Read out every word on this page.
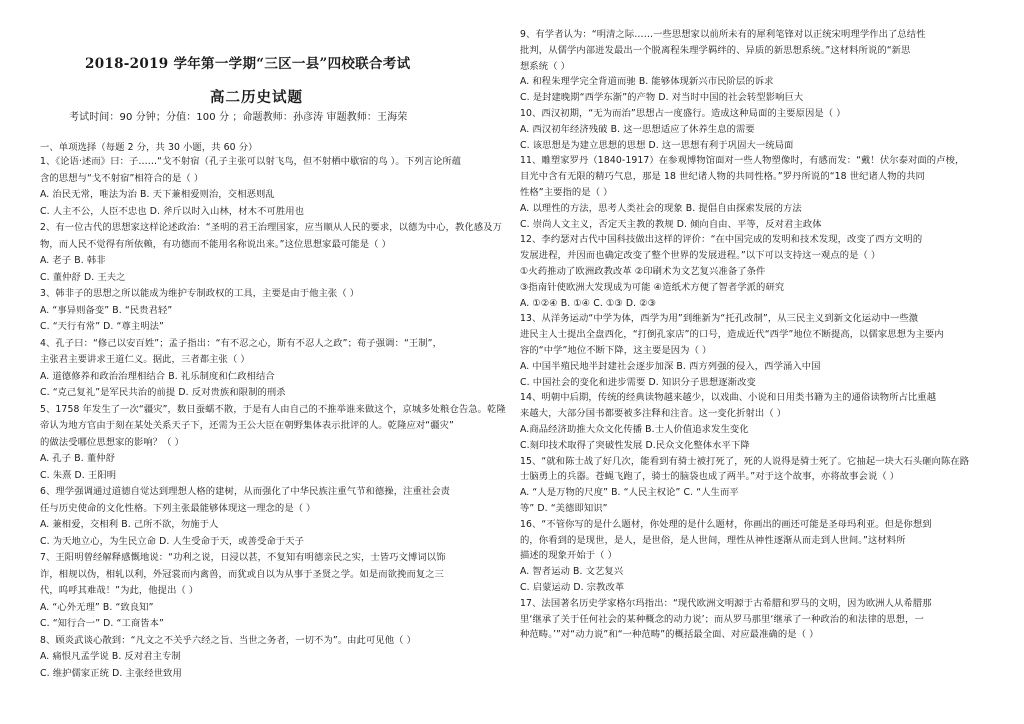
2018-2019 学年第一学期“三区一县”四校联合考试
高二历史试题
考试时间：90 分钟；分值：100 分 ；命题教师：孙彦涛 审题教师：王海荣
一、单项选择（每题 2 分，共 30 小题，共 60 分）
1、《论语·述而》曰：子……“戈不射宿（孔子主张可以射飞鸟，但不射栖中歇宿的鸟 ）。下列言论所蕴
含的思想与“戈不射宿”相符合的是（ ）
A. 治民无常，唯法为治 B. 天下兼相爱则治，交相恶则乱
C. 人主不公，人臣不忠也 D. 斧斤以时入山林，材木不可胜用也
2、有一位古代的思想家这样论述政治：“圣明的君王治理国家，应当顺从人民的要求，以德为中心，教化感及万
物，而人民不觉得有所依赖，有功德而不能用名称说出来。”这位思想家最可能是（ ）
A. 老子 B. 韩非
C. 董仲舒 D. 王夫之
3、韩非子的思想之所以能成为维护专制政权的工具，主要是由于他主张（ ）
A. “事异则备变” B. “民贵君轻”
C. “天行有常” D. “尊主明法”
4、孔子曰：“修己以安百姓”；孟子指出：“有不忍之心，斯有不忍人之政”；荀子强调：“王制”，
主张君主要讲求王道仁义。据此，三者都主张（ ）
A. 道德修养和政治治理相结合 B. 礼乐制度和仁政相结合
C. “克己复礼”是军民共治的前提 D. 反对贵族和限制的刑杀
5、1758 年发生了一次“疆灾”，数日蚕蠕不散，于是有人由自己的不推举谁来做这个，京城多处粮仓告急。乾隆
帝认为地方官由于刻在某处关系天子下，还需为王公大臣在朝野集体表示批评的人。乾隆应对“疆灾”
的做法受哪位思想家的影响？（ ）
A. 孔子 B. 董仲舒
C. 朱熹 D. 王阳明
6、理学强调通过道德自觉达到理想人格的建树，从而强化了中华民族注重气节和德操，注重社会责
任与历史使命的文化性格。下列主张最能够体现这一理念的是（ ）
A. 兼相爱，交相利 B. 己所不欲，勿施于人
C. 为天地立心，为生民立命 D. 人生受命于天，或善受命于天子
7、王阳明曾经解释感慨地说：“功利之说，日浸以甚，不复知有明德亲民之实，士皆巧文博词以饰
诈，相规以伪，相轧以利，外冠裳而内禽兽，而犹或自以为从事于圣贤之学。如是而欲挽而复之三
代，呜呼其难哉！”为此，他提出（ ）
A. “心外无理” B. “致良知”
C. “知行合一” D. “工商皆本”
8、顾炎武谈心散到：“凡文之不关乎六经之旨、当世之务者，一切不为”。由此可见他（ ）
A. 痛恨凡孟学说 B. 反对君主专制
C. 维护儒家正统 D. 主张经世致用
9、有学者认为：“明清之际……一些思想家以前所未有的犀利笔锋对以正统宋明理学作出了总结性
批判，从儒学内部迸发最出一个脱离程朱理学羁绊的、异质的新思想系统。”这材料所说的“新思
想系统（ ）
A. 和程朱理学完全背道而驰 B. 能够体现新兴市民阶层的诉求
C. 是封建晚期“西学东渐”的产物 D. 对当时中国的社会转型影响巨大
10、西汉初期，“无为而治”思想占一度盛行。造成这种局面的主要原因是（ ）
A. 西汉初年经济残破 B. 这一思想适应了休养生息的需要
C. 该思想是为建立思想的思想 D. 这一思想有利于巩固大一统局面
11、雕塑家罗丹（1840-1917）在参观博物馆面对一些人物塑像时，有感而发：“戴！伏尔泰对面的卢梭，
目光中含有无限的精巧气息，那是 18 世纪诸人物的共同性格。”罗丹所说的“18 世纪诸人物的共同
性格”主要指的是（ ）
A. 以理性的方法，思考人类社会的现象 B. 提倡自由探索发展的方法
C. 崇尚人文主义，否定天主教的教规 D. 倾向自由、平等，反对君主政体
12、李约瑟对古代中国科技做出这样的评价：“在中国完成的发明和技术发现，改变了西方文明的
发展进程，并因而也确定改变了整个世界的发展进程。”以下可以支持这一观点的是（ ）
①火药推动了欧洲政教改革 ②印刷术为文艺复兴准备了条件
③指南针使欧洲大发现成为可能 ④造纸术方便了智者学派的研究
A. ①②④ B. ①④ C. ①③ D. ②③
13、从洋务运动“中学为体，西学为用”到维新为“托孔改制”，从三民主义到新文化运动中一些激
进民主人士提出全盘西化，“打倒孔家店”的口号，造成近代“西学”地位不断提高，以儒家思想为主要内
容的“中学”地位不断下降，这主要是因为（ ）
A. 中国半殖民地半封建社会逐步加深 B. 西方列强的侵入，西学涌入中国
C. 中国社会的变化和进步需要 D. 知识分子思想逐渐改变
14、明朝中后期，传统的经典读物越来越少，以戏曲、小说和日用类书籍为主的通俗读物所占比重越
来越大，大部分国书都要被多注释和注音。这一变化折射出（ ）
A.商品经济助推大众文化传播 B.士人价值追求发生变化
C.刻印技术取得了突破性发展 D.民众文化整体水平下降
15、“就和陈士战了好几次，能看到有骑士被打死了，死的人说得是骑士死了。它抽起一块大石头砸向陈在路
士脑勇上的兵器。苍蝇飞跑了，骑士的脑袋也成了两半。”对于这个故事，亦将故事会说（ ）
A. “人是万物的尺度” B. “人民主权论” C. “人生而平
等” D. “美德即知识”
16、“不管你写的是什么题材，你处理的是什么题材，你画出的画还可能是圣母玛利亚。但是你想到
的，你看到的是现世，是人，是世俗，是人世间，理性从神性逐渐从而走到人世间。”这材料所
描述的现象开始于（ ）
A. 智者运动 B. 文艺复兴
C. 启蒙运动 D. 宗教改革
17、法国著名历史学家格尔玛指出：“现代欧洲文明源于古希腊和罗马的文明，因为欧洲人从希腊那
里‘继承了关于任何社会的某种概念的动力说’；而从罗马那里‘继承了一种政治的和法律的思想，一
种范畴。’”对“动力说”和“一种范畴”的概括最全面、对应最准确的是（ ）
